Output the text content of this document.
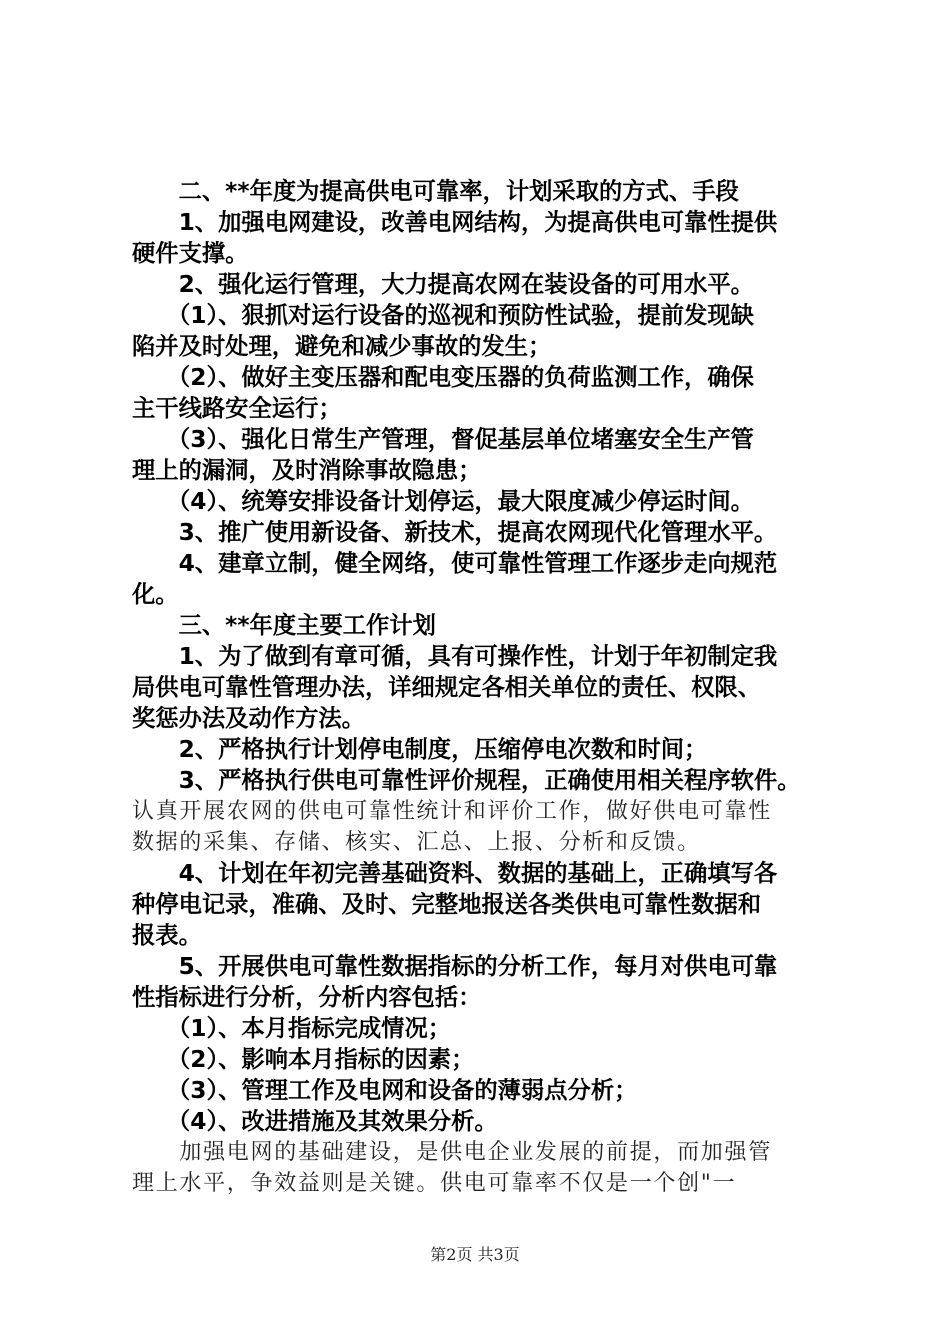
　　二、**年度为提高供电可靠率，计划采取的方式、手段

　　1、加强电网建设，改善电网结构，为提高供电可靠性提供

硬件支撑。

　　2、强化运行管理，大力提高农网在装设备的可用水平。

　　（1）、狠抓对运行设备的巡视和预防性试验，提前发现缺

陷并及时处理，避免和减少事故的发生；

　　（2）、做好主变压器和配电变压器的负荷监测工作，确保

主干线路安全运行；

　　（3）、强化日常生产管理，督促基层单位堵塞安全生产管

理上的漏洞，及时消除事故隐患；

　　（4）、统筹安排设备计划停运，最大限度减少停运时间。

　　3、推广使用新设备、新技术，提高农网现代化管理水平。

　　4、建章立制，健全网络，使可靠性管理工作逐步走向规范

化。

　　三、**年度主要工作计划

　　1、为了做到有章可循，具有可操作性，计划于年初制定我

局供电可靠性管理办法，详细规定各相关单位的责任、权限、

奖惩办法及动作方法。

　　2、严格执行计划停电制度，压缩停电次数和时间；

　　3、严格执行供电可靠性评价规程，正确使用相关程序软件。

认真开展农网的供电可靠性统计和评价工作，做好供电可靠性

数据的采集、存储、核实、汇总、上报、分析和反馈。

　　4、计划在年初完善基础资料、数据的基础上，正确填写各

种停电记录，准确、及时、完整地报送各类供电可靠性数据和

报表。

　　5、开展供电可靠性数据指标的分析工作，每月对供电可靠

性指标进行分析，分析内容包括：

　　（1）、本月指标完成情况；

　　（2）、影响本月指标的因素；

　　（3）、管理工作及电网和设备的薄弱点分析；

　　（4）、改进措施及其效果分析。

　　加强电网的基础建设，是供电企业发展的前提，而加强管

理上水平，争效益则是关键。供电可靠率不仅是一个创"一

第2页 共3页
